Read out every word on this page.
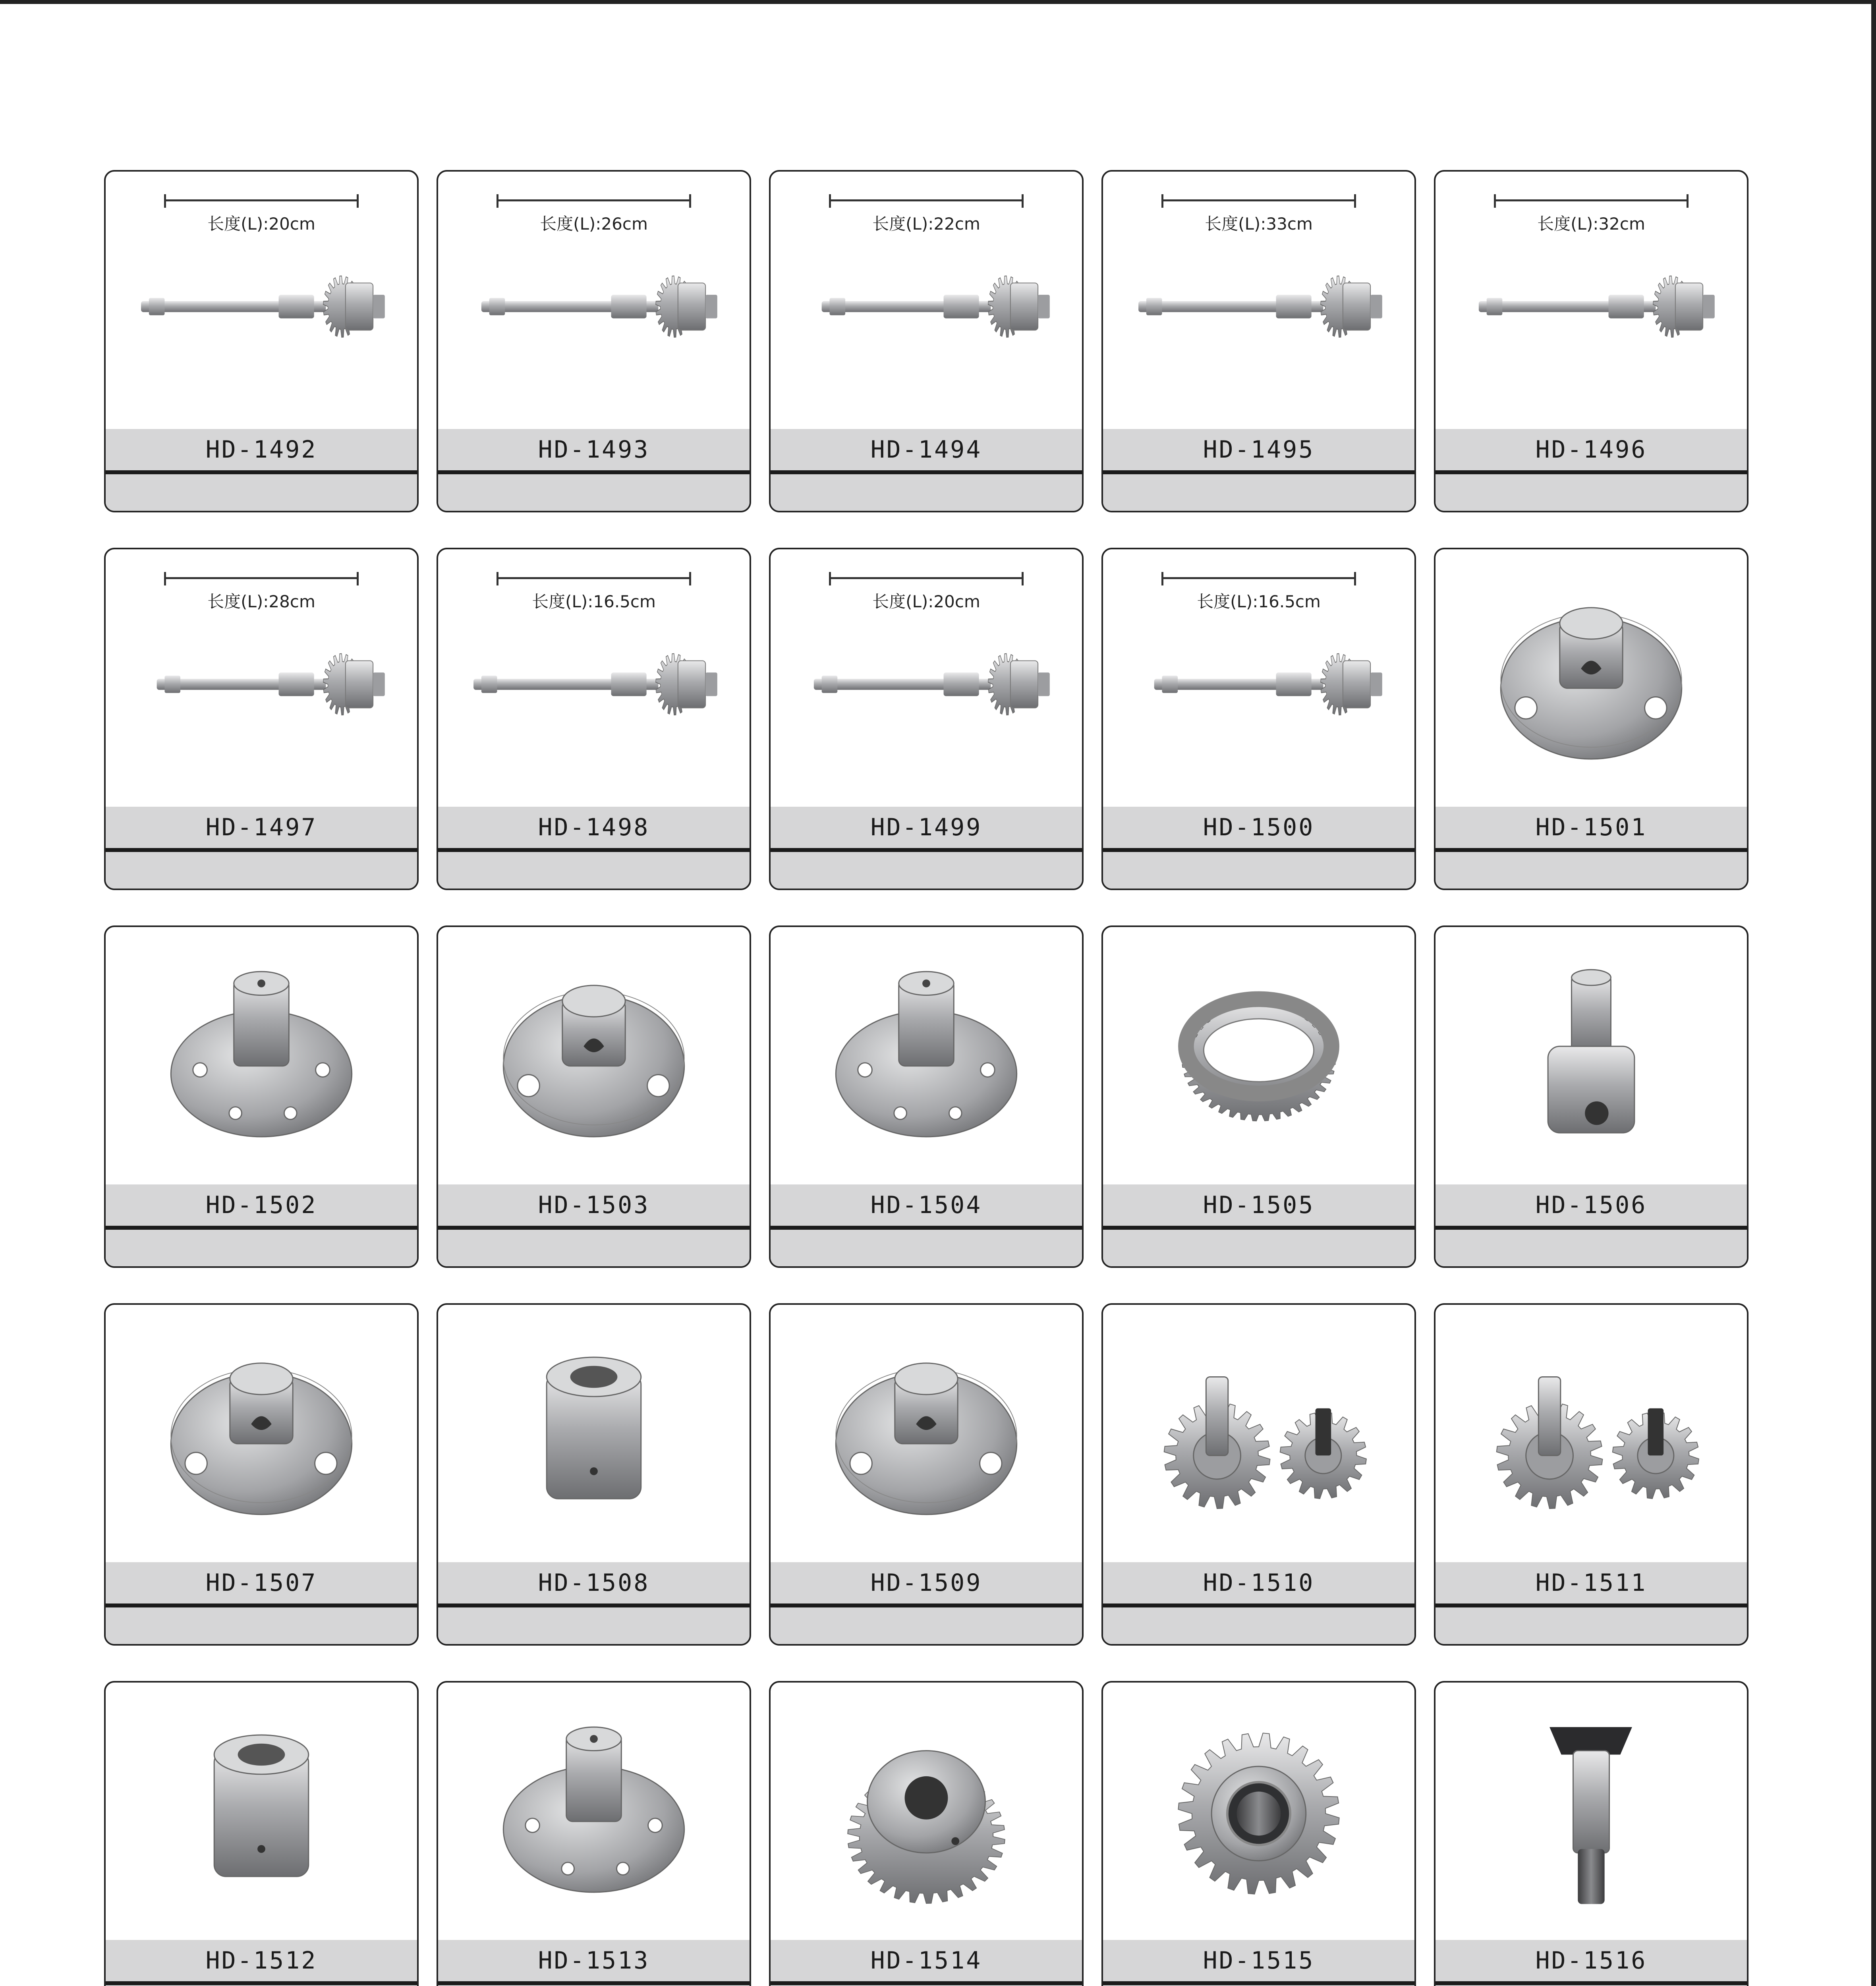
长度(L):20cm
HD-1492
长度(L):26cm
HD-1493
长度(L):22cm
HD-1494
长度(L):33cm
HD-1495
长度(L):32cm
HD-1496
长度(L):28cm
HD-1497
长度(L):16.5cm
HD-1498
长度(L):20cm
HD-1499
长度(L):16.5cm
HD-1500	HD-1501
HD-1502	HD-1503	HD-1504	HD-1505	HD-1506
HD-1507	HD-1508	HD-1509	HD-1510	HD-1511
HD-1512	HD-1513	HD-1514	HD-1515	HD-1516
